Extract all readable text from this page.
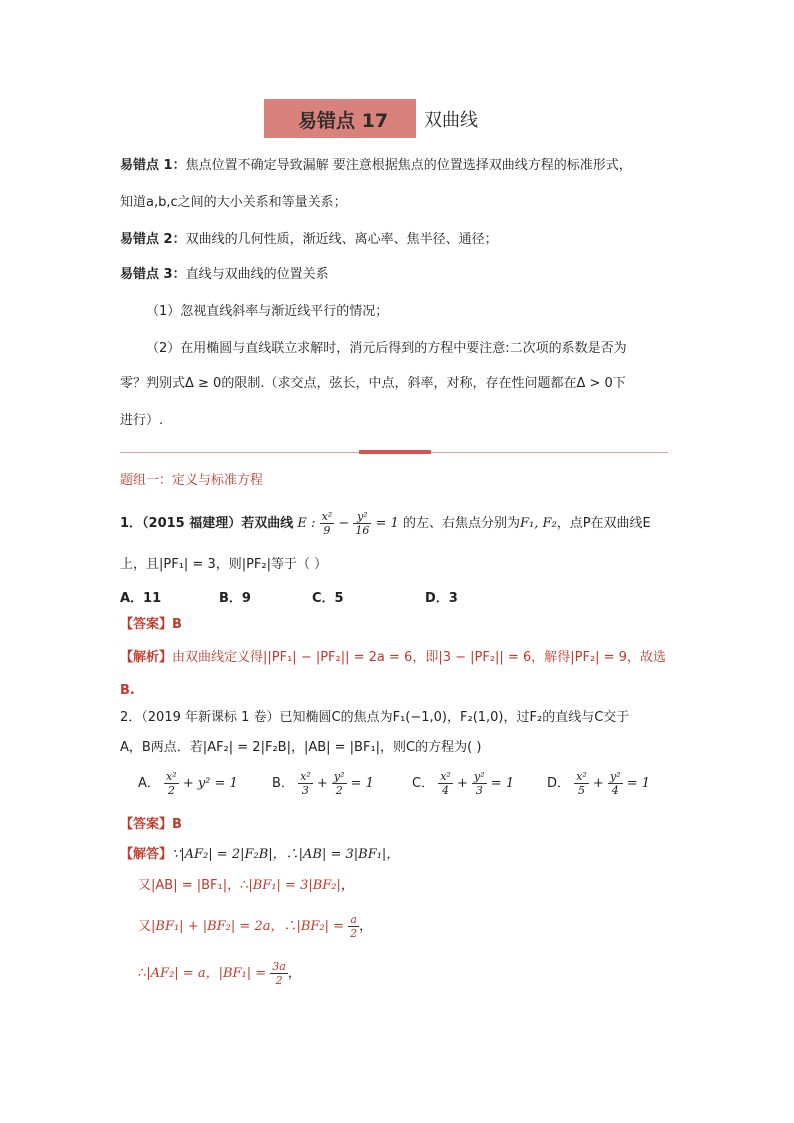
易错点 17 双曲线
易错点 1：焦点位置不确定导致漏解 要注意根据焦点的位置选择双曲线方程的标准形式，
知道a,b,c之间的大小关系和等量关系；
易错点 2：双曲线的几何性质，渐近线、离心率、焦半径、通径；
易错点 3：直线与双曲线的位置关系
（1）忽视直线斜率与渐近线平行的情况；
（2）在用椭圆与直线联立求解时，消元后得到的方程中要注意:二次项的系数是否为
零？判别式Δ ≥ 0的限制.（求交点，弦长，中点，斜率，对称，存在性问题都在Δ > 0下
进行）.
题组一：定义与标准方程
1．（2015 福建理）若双曲线 E : $\frac{\text{x²}}{9} - \frac{\text{y²}}{16} = 1$ 的左、右焦点分别为F₁, F₂，点P在双曲线E
上，且|PF₁| = 3，则|PF₂|等于（ ）
A．11	B．9	C．5	D．3
【答案】B
【解析】由双曲线定义得||PF₁| − |PF₂|| = 2a = 6，即|3 − |PF₂|| = 6，解得|PF₂| = 9，故选
B.
2．（2019 年新课标 1 卷）已知椭圆C的焦点为F₁(−1,0)，F₂(1,0)，过F₂的直线与C交于
A，B两点．若|AF₂| = 2|F₂B|，|AB| = |BF₁|，则C的方程为( )
A． $\frac{\text{x²}}{2} + y^2 = 1$	B． $\frac{\text{x²}}{3} + \frac{\text{y²}}{2} = 1$	C． $\frac{\text{x²}}{4} + \frac{\text{y²}}{3} = 1$	D． $\frac{\text{x²}}{5} + \frac{\text{y²}}{4} = 1$
【答案】B
【解答】∵|AF₂| = 2|F₂B|，∴|AB| = 3|BF₁|，
又|AB| = |BF₁|，∴|BF₁| = 3|BF₂|，
又|BF₁| + |BF₂| = 2a，∴|BF₂| = $\frac{a}{2}$ ，
∴|AF₂| = a，$|BF_1| = \frac{3a}{2}$ ，
